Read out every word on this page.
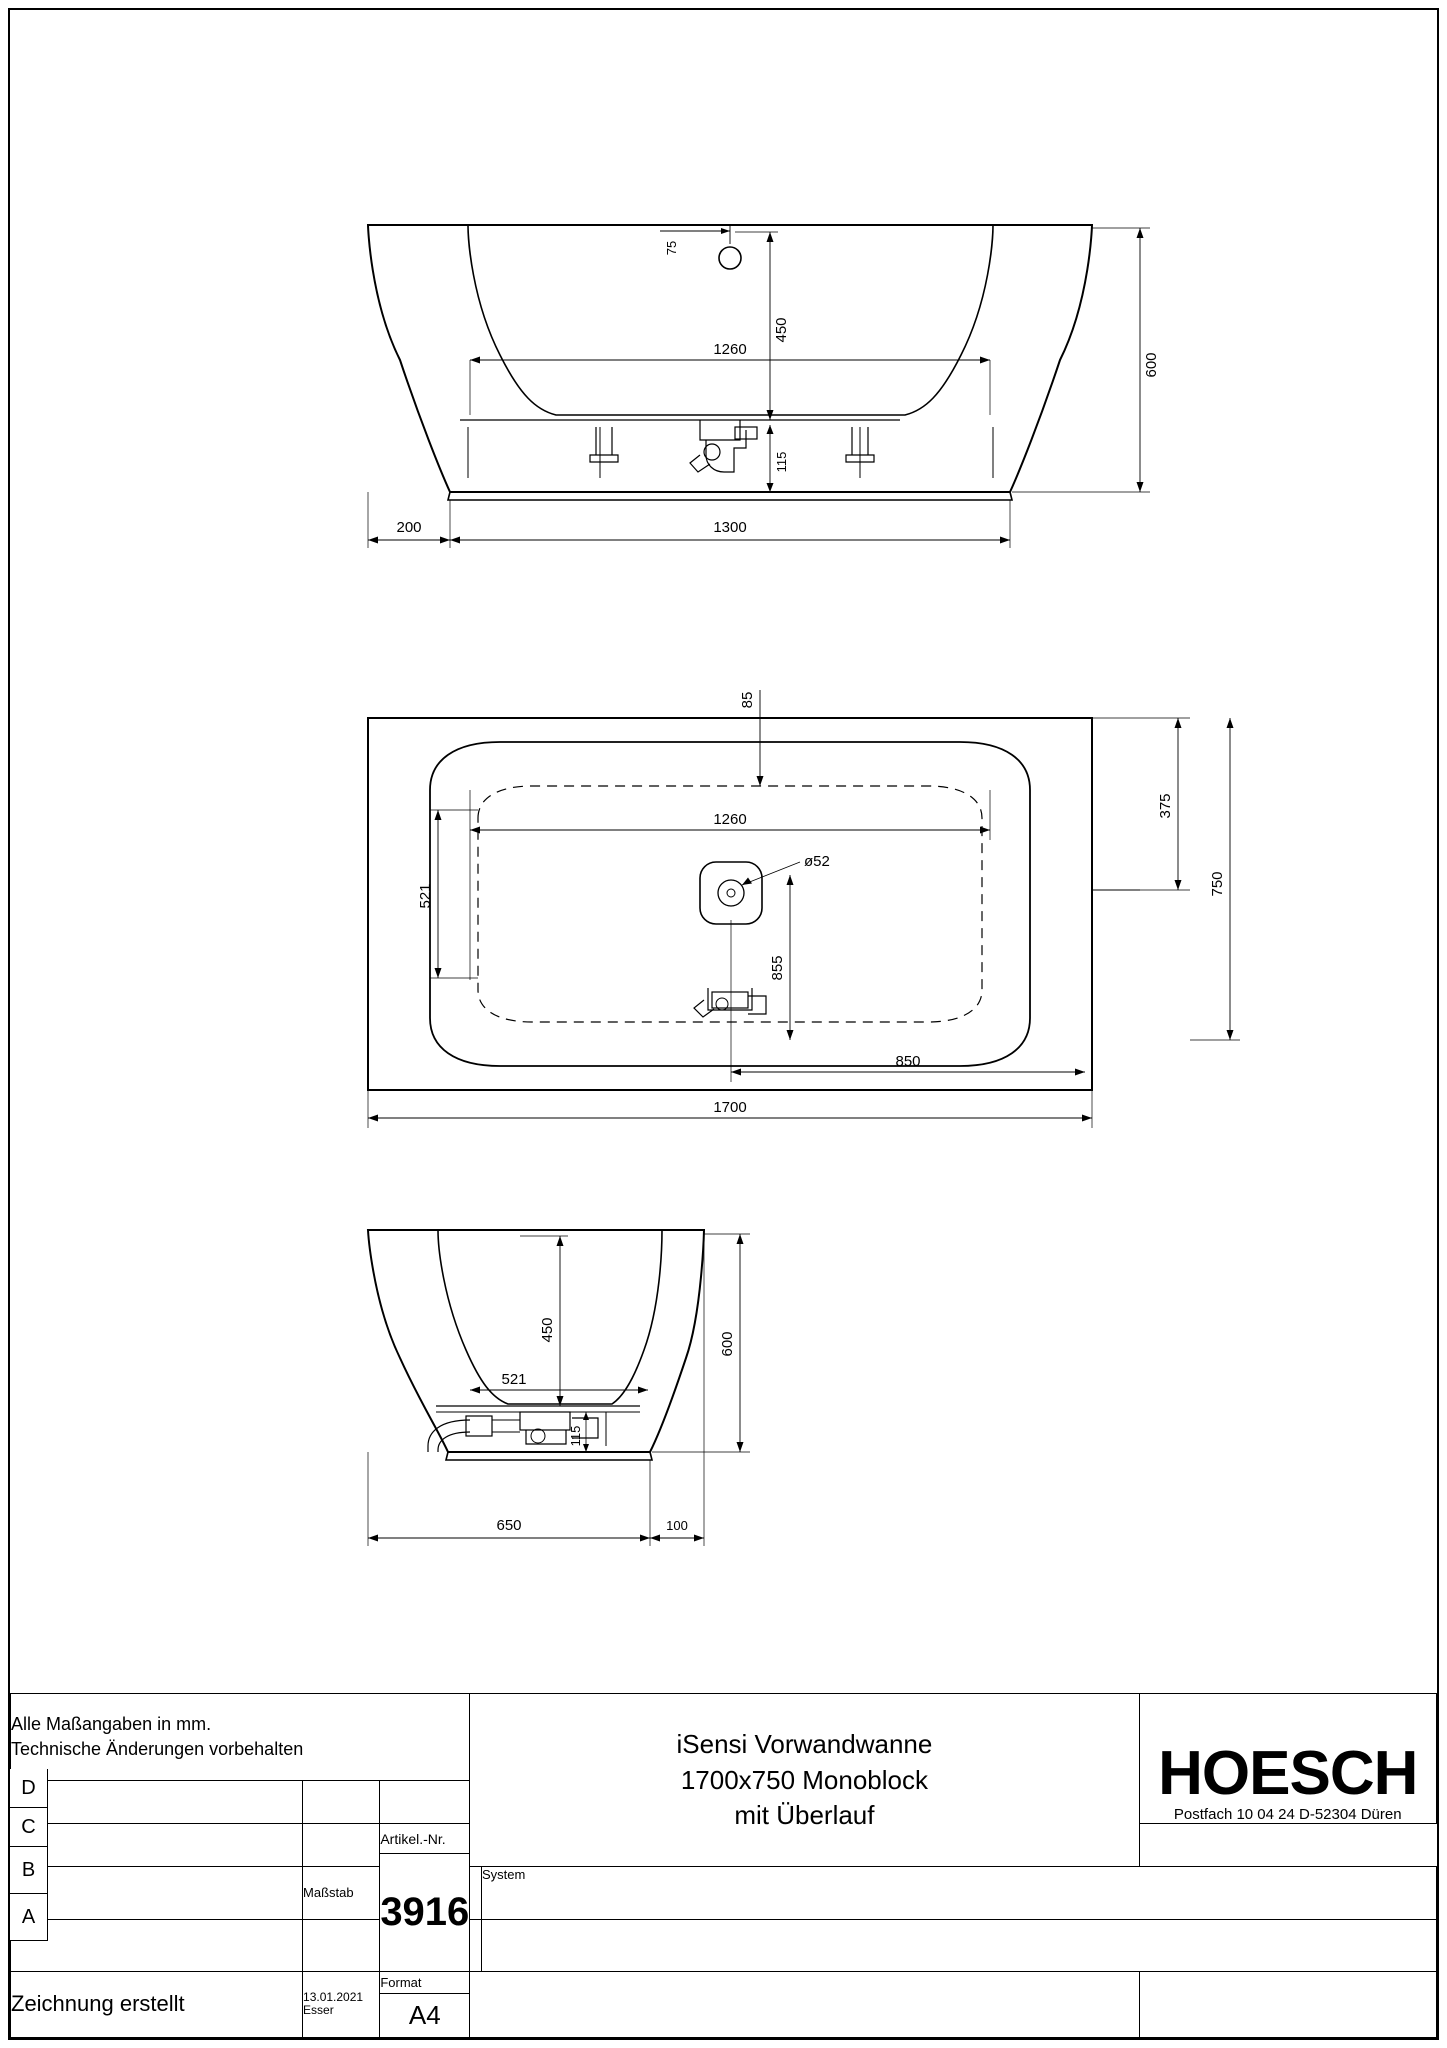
75
450
600
1260
115
200	1300
85
375
750
1260
521
ø52
855
850
1700
450
600
521
115
650	100
Alle Maßangaben in mm.
Technische Änderungen vorbehalten	iSensi Vorwandwanne
1700x750 Monoblock
mit Überlauf

HOESCH
Postfach 10 04 24 D-52304 Düren

Artikel.-Nr.
3916

	Maßstab		System

Zeichnung erstellt	13.01.2021
Esser

Format
A4

D
C
B
A
